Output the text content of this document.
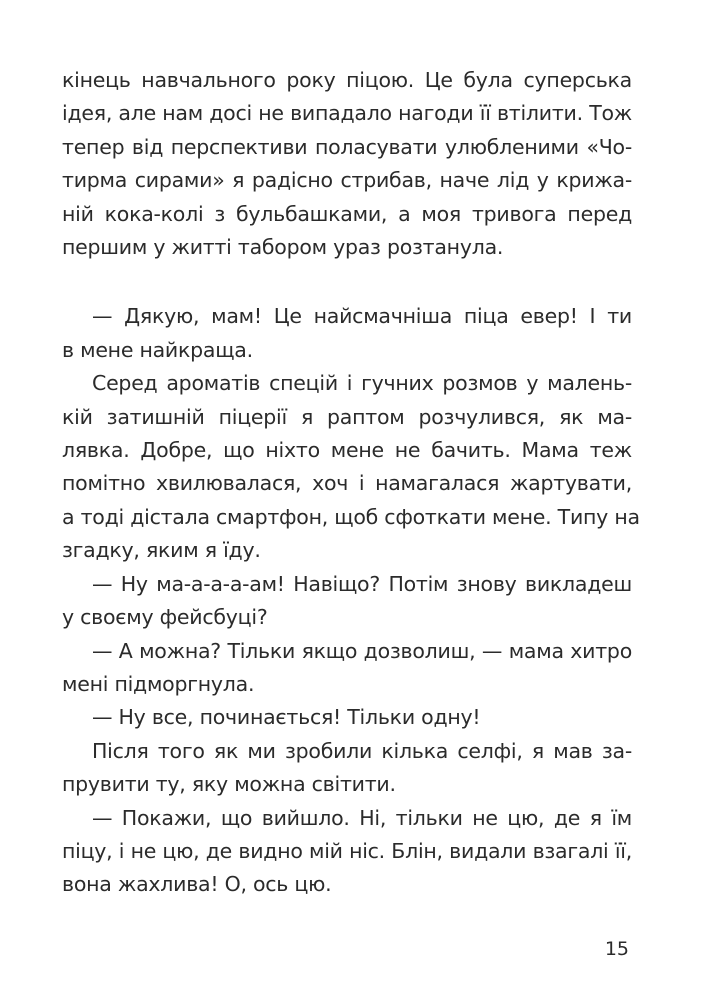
кінець навчального року піцою. Це була суперська
ідея, але нам досі не випадало нагоди її втілити. Тож
тепер від перспективи поласувати улюбленими «Чо-
тирма сирами» я радісно стрибав, наче лід у крижа-
ній кока-колі з бульбашками, а моя тривога перед
першим у житті табором ураз розтанула.
— Дякую, мам! Це найсмачніша піца евер! І ти
в мене найкраща.
Серед ароматів спецій і гучних розмов у малень-
кій затишній піцерії я раптом розчулився, як ма-
лявка. Добре, що ніхто мене не бачить. Мама теж
помітно хвилювалася, хоч і намагалася жартувати,
а тоді дістала смартфон, щоб сфоткати мене. Типу на
згадку, яким я їду.
— Ну ма-а-а-а-ам! Навіщо? Потім знову викладеш
у своєму фейсбуці?
— А можна? Тільки якщо дозволиш, — мама хитро
мені підморгнула.
— Ну все, починається! Тільки одну!
Після того як ми зробили кілька селфі, я мав за-
прувити ту, яку можна світити.
— Покажи, що вийшло. Ні, тільки не цю, де я їм
піцу, і не цю, де видно мій ніс. Блін, видали взагалі її,
вона жахлива! О, ось цю.
15
